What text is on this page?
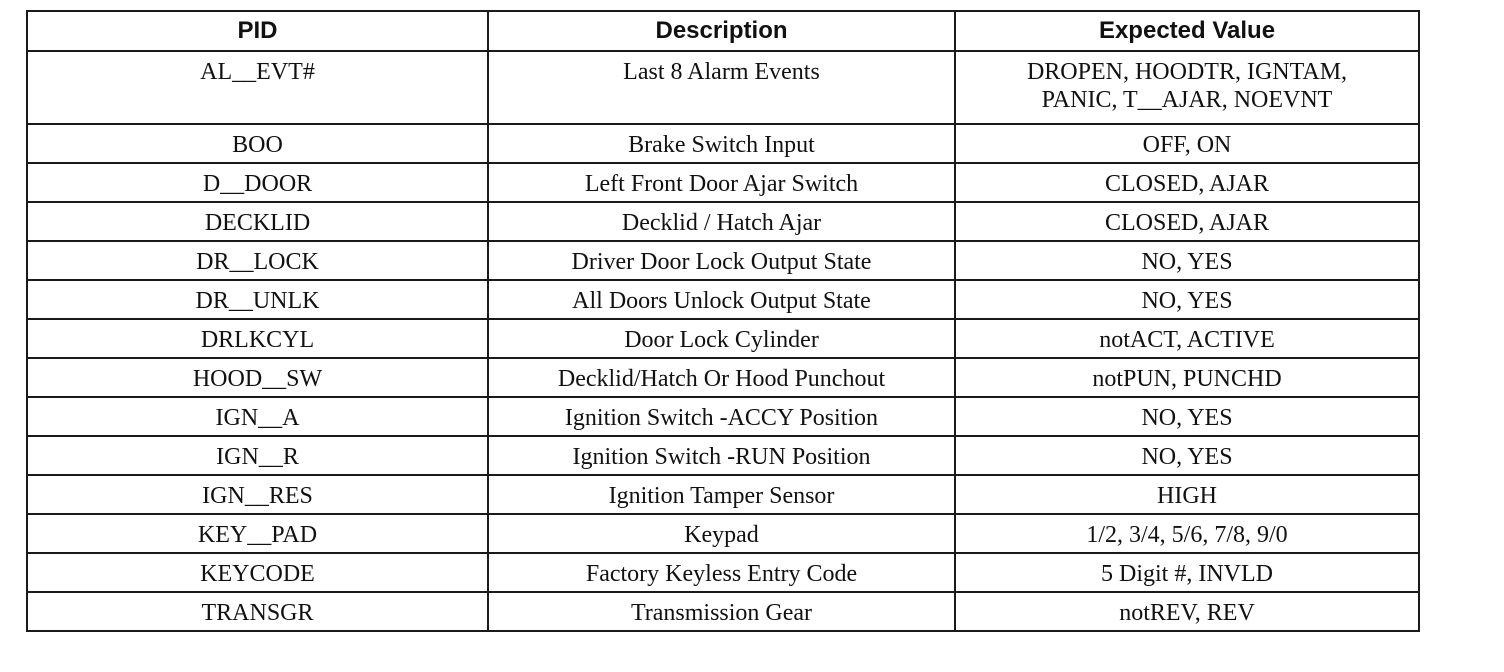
PID	Description	Expected Value
AL__EVT#	Last 8 Alarm Events	DROPEN, HOODTR, IGNTAM,
PANIC, T__AJAR, NOEVNT

BOO	Brake Switch Input	OFF, ON
D__DOOR	Left Front Door Ajar Switch	CLOSED, AJAR
DECKLID	Decklid / Hatch Ajar	CLOSED, AJAR
DR__LOCK	Driver Door Lock Output State	NO, YES
DR__UNLK	All Doors Unlock Output State	NO, YES
DRLKCYL	Door Lock Cylinder	notACT, ACTIVE
HOOD__SW	Decklid/Hatch Or Hood Punchout	notPUN, PUNCHD
IGN__A	Ignition Switch -ACCY Position	NO, YES
IGN__R	Ignition Switch -RUN Position	NO, YES
IGN__RES	Ignition Tamper Sensor	HIGH
KEY__PAD	Keypad	1/2, 3/4, 5/6, 7/8, 9/0
KEYCODE	Factory Keyless Entry Code	5 Digit #, INVLD
TRANSGR	Transmission Gear	notREV, REV
